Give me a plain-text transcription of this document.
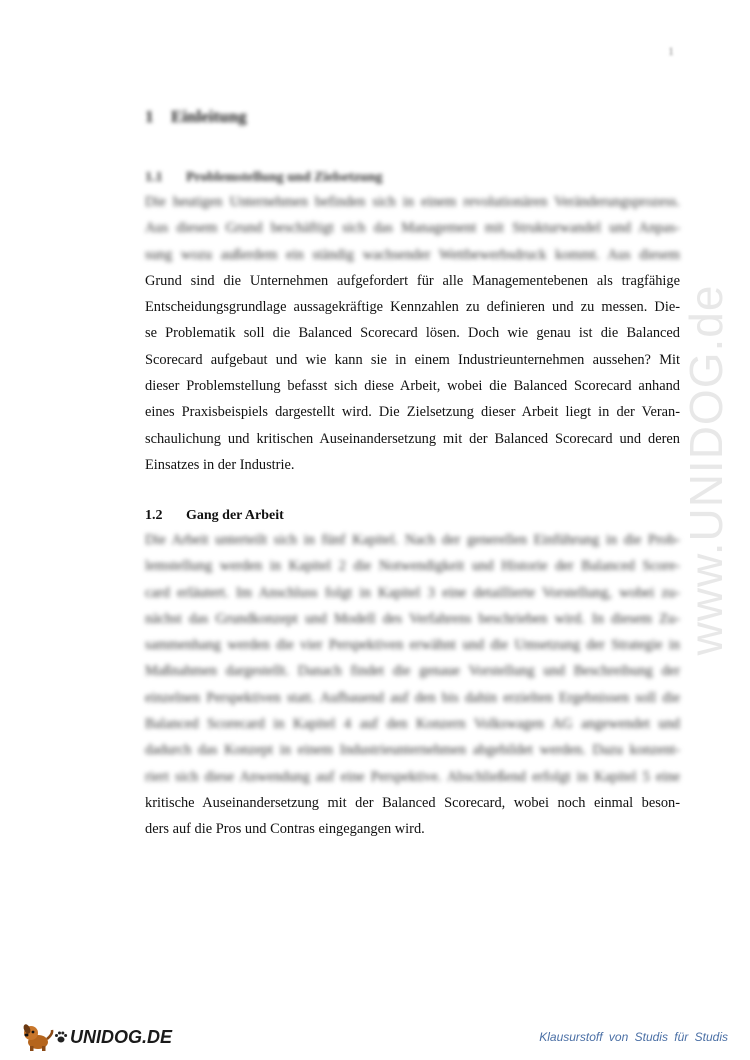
1
www.UNIDOG.de
1 Einleitung
1.1 Problemstellung und Zielsetzung
Die heutigen Unternehmen befinden sich in einem revolutionären Veränderungsprozess.
Aus diesem Grund beschäftigt sich das Management mit Strukturwandel und Anpas-
sung wozu außerdem ein ständig wachsender Wettbewerbsdruck kommt. Aus diesem
Grund sind die Unternehmen aufgefordert für alle Managementebenen als tragfähige
Entscheidungsgrundlage aussagekräftige Kennzahlen zu definieren und zu messen. Die-
se Problematik soll die Balanced Scorecard lösen. Doch wie genau ist die Balanced
Scorecard aufgebaut und wie kann sie in einem Industrieunternehmen aussehen? Mit
dieser Problemstellung befasst sich diese Arbeit, wobei die Balanced Scorecard anhand
eines Praxisbeispiels dargestellt wird. Die Zielsetzung dieser Arbeit liegt in der Veran-
schaulichung und kritischen Auseinandersetzung mit der Balanced Scorecard und deren
Einsatzes in der Industrie.
1.2 Gang der Arbeit
Die Arbeit unterteilt sich in fünf Kapitel. Nach der generellen Einführung in die Prob-
lemstellung werden in Kapitel 2 die Notwendigkeit und Historie der Balanced Score-
card erläutert. Im Anschluss folgt in Kapitel 3 eine detaillierte Vorstellung, wobei zu-
nächst das Grundkonzept und Modell des Verfahrens beschrieben wird. In diesem Zu-
sammenhang werden die vier Perspektiven erwähnt und die Umsetzung der Strategie in
Maßnahmen dargestellt. Danach findet die genaue Vorstellung und Beschreibung der
einzelnen Perspektiven statt. Aufbauend auf den bis dahin erzielten Ergebnissen soll die
Balanced Scorecard in Kapitel 4 auf den Konzern Volkswagen AG angewendet und
dadurch das Konzept in einem Industrieunternehmen abgebildet werden. Dazu konzent-
riert sich diese Anwendung auf eine Perspektive. Abschließend erfolgt in Kapitel 5 eine
kritische Auseinandersetzung mit der Balanced Scorecard, wobei noch einmal beson-
ders auf die Pros und Contras eingegangen wird.
UNIDOG.DE	Klausurstoff von Studis für Studis
